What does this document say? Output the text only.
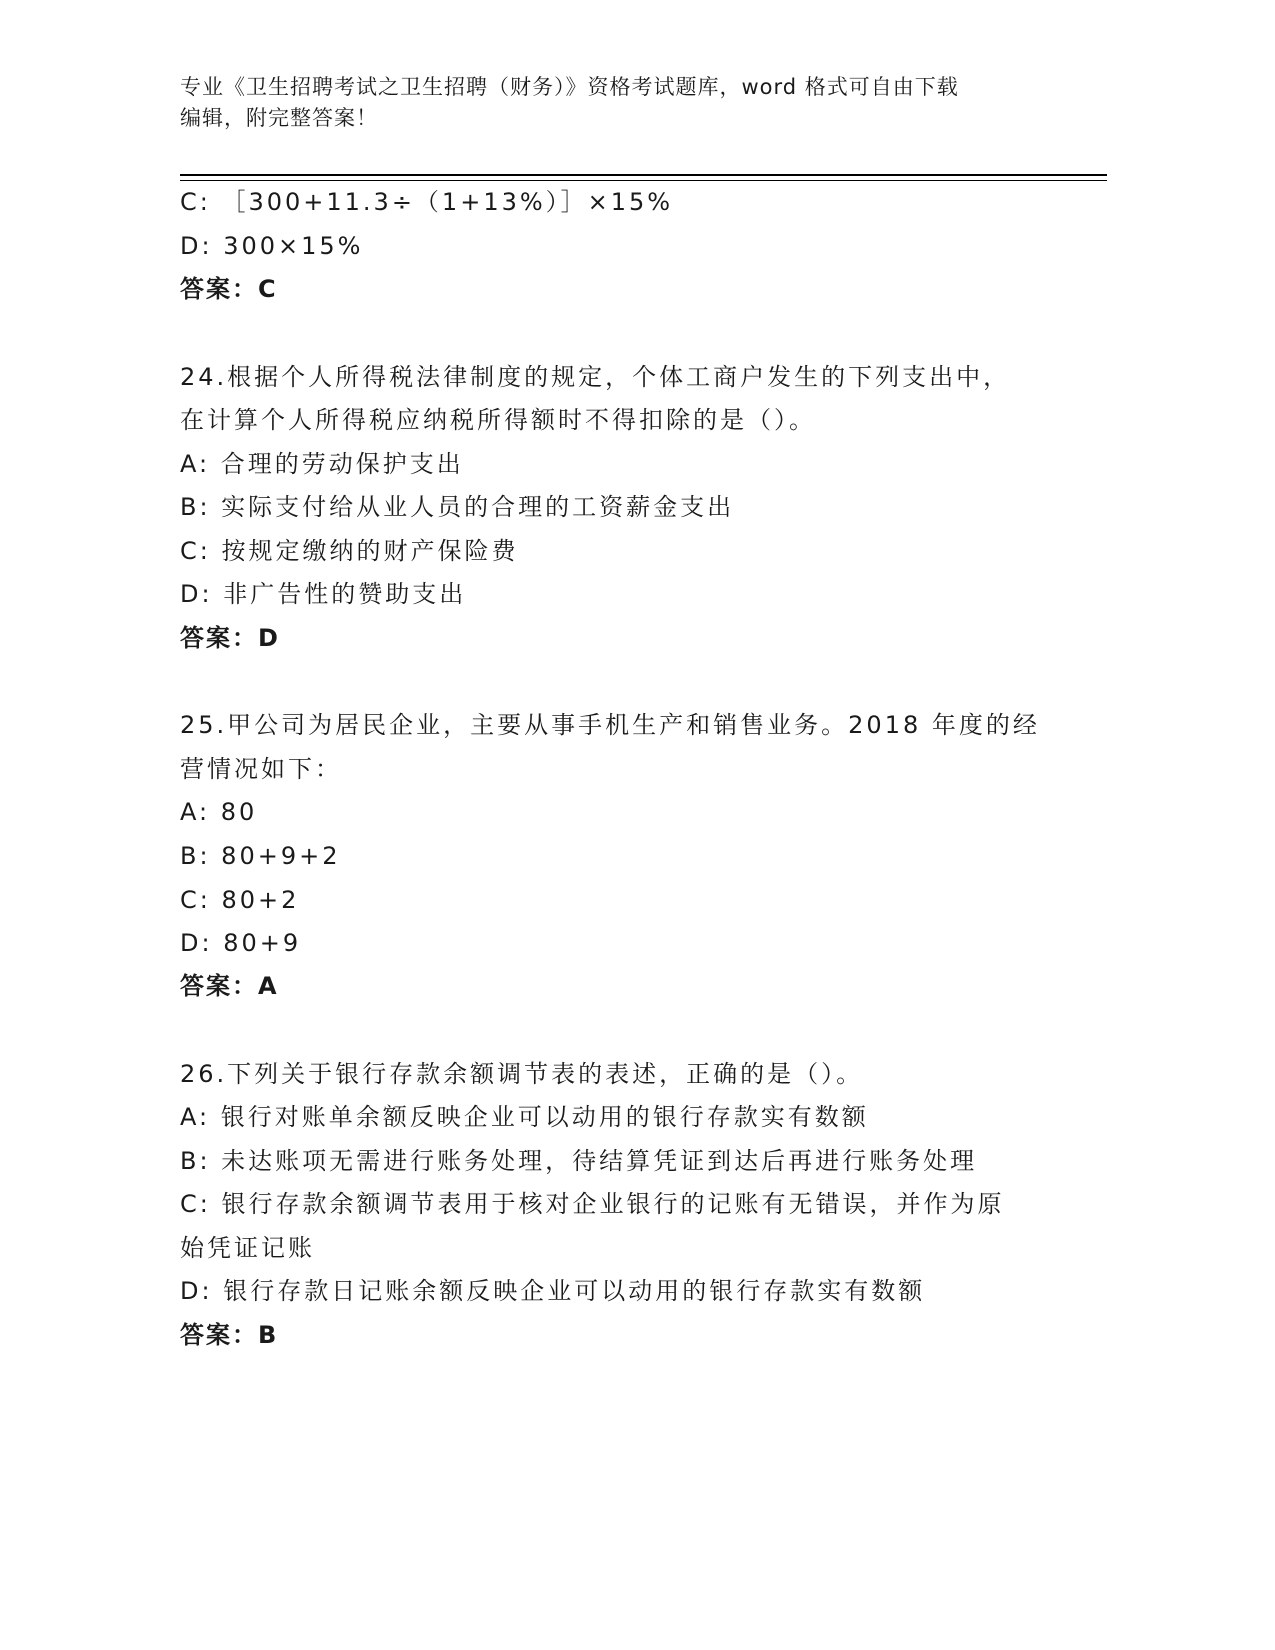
专业《卫生招聘考试之卫生招聘（财务）》资格考试题库，word 格式可自由下载
编辑，附完整答案！
C: ［300+11.3÷（1+13%）］×15%
D: 300×15%
答案：C
24.根据个人所得税法律制度的规定，个体工商户发生的下列支出中，
在计算个人所得税应纳税所得额时不得扣除的是（）。
A: 合理的劳动保护支出
B: 实际支付给从业人员的合理的工资薪金支出
C: 按规定缴纳的财产保险费
D: 非广告性的赞助支出
答案：D
25.甲公司为居民企业，主要从事手机生产和销售业务。2018 年度的经
营情况如下：
A: 80
B: 80+9+2
C: 80+2
D: 80+9
答案：A
26.下列关于银行存款余额调节表的表述，正确的是（）。
A: 银行对账单余额反映企业可以动用的银行存款实有数额
B: 未达账项无需进行账务处理，待结算凭证到达后再进行账务处理
C: 银行存款余额调节表用于核对企业银行的记账有无错误，并作为原
始凭证记账
D: 银行存款日记账余额反映企业可以动用的银行存款实有数额
答案：B
